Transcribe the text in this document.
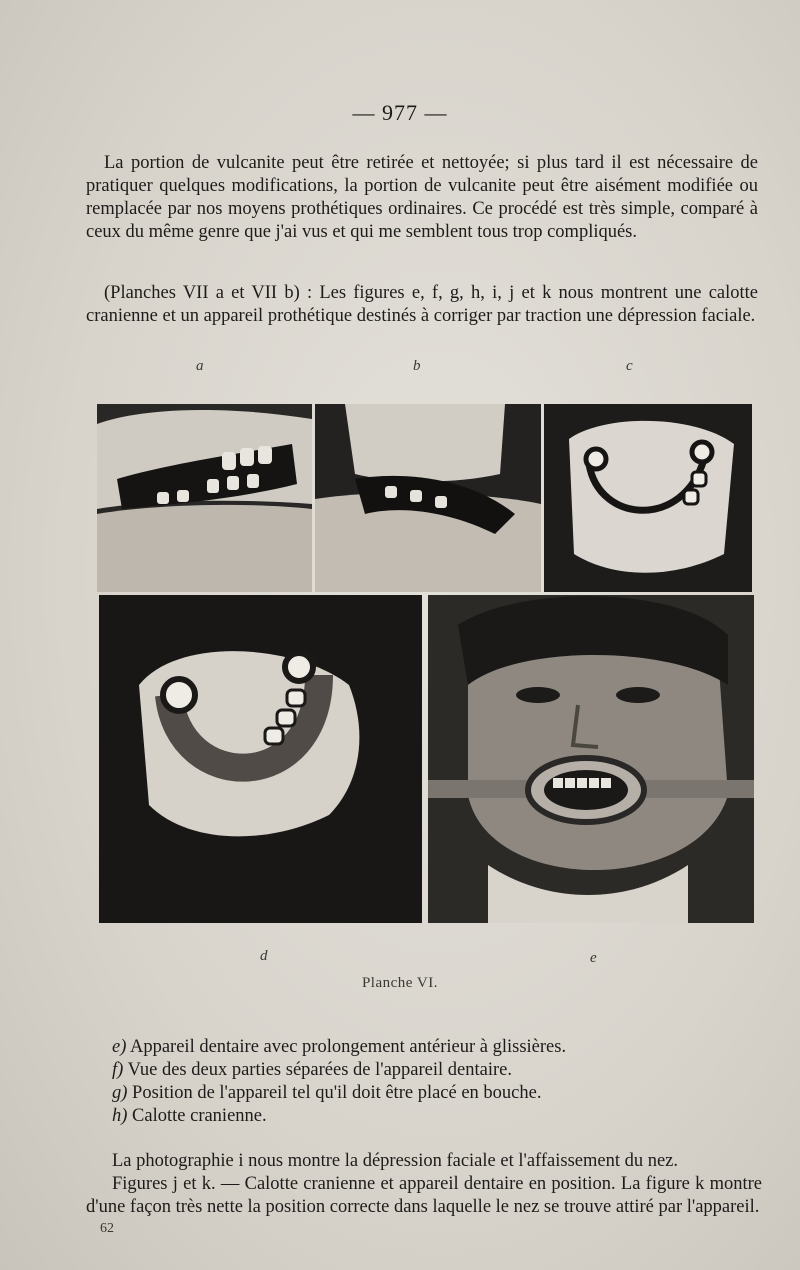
— 977 —
La portion de vulcanite peut être retirée et nettoyée; si plus tard il est nécessaire de pratiquer quelques modifications, la portion de vulcanite peut être aisément modifiée ou remplacée par nos moyens prothétiques ordinaires. Ce procédé est très simple, comparé à ceux du même genre que j'ai vus et qui me semblent tous trop compliqués.
(Planches VII a et VII b) : Les figures e, f, g, h, i, j et k nous montrent une calotte cranienne et un appareil prothétique destinés à corriger par traction une dépression faciale.
a	b	c
d	e
Planche VI.
e) Appareil dentaire avec prolongement antérieur à glissières.
f) Vue des deux parties séparées de l'appareil dentaire.
g) Position de l'appareil tel qu'il doit être placé en bouche.
h) Calotte cranienne.
La photographie i nous montre la dépression faciale et l'affaissement du nez.
Figures j et k. — Calotte cranienne et appareil dentaire en position. La figure k montre d'une façon très nette la position correcte dans laquelle le nez se trouve attiré par l'appareil.
62
